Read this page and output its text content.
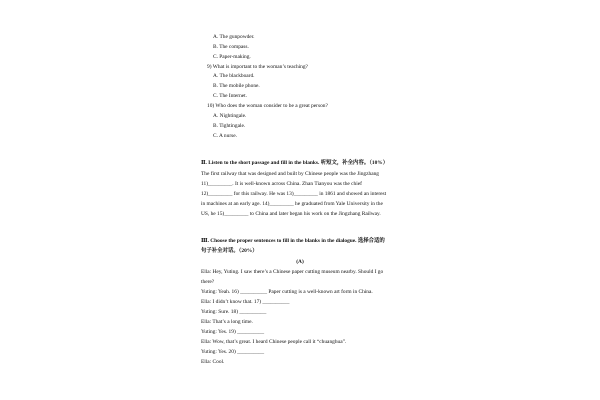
A. The gunpowder.
B. The compass.
C. Paper-making.
9) What is important to the woman’s teaching?
A. The blackboard.
B. The mobile phone.
C. The Internet.
10) Who does the woman consider to be a great person?
A. Nightingale.
B. Tightingale.
C. A nurse.
Ⅱ. Listen to the short passage and fill in the blanks. 听短文，补全内容。（10%）
The first railway that was designed and built by Chinese people was the Jingzhang
11)_________. It is well-known across China. Zhan Tianyou was the chief
12)_________ for this railway. He was 13)_________ in 1861 and showed an interest
in machines at an early age. 14)_________ he graduated from Yale University in the
US, he 15)_________ to China and later began his work on the Jingzhang Railway.
Ⅲ. Choose the proper sentences to fill in the blanks in the dialogue. 选择合适的
句子补全对话。（20%）
(A)
Ella: Hey, Yuting. I saw there’s a Chinese paper cutting museum nearby. Should I go
there?
Yuting: Yeah. 16) __________ Paper cutting is a well-known art form in China.
Ella: I didn’t know that. 17) __________
Yuting: Sure. 18) __________
Ella: That’s a long time.
Yuting: Yes. 19) __________
Ella: Wow, that’s great. I heard Chinese people call it “chuanghua”.
Yuting: Yes. 20) __________
Ella: Cool.
